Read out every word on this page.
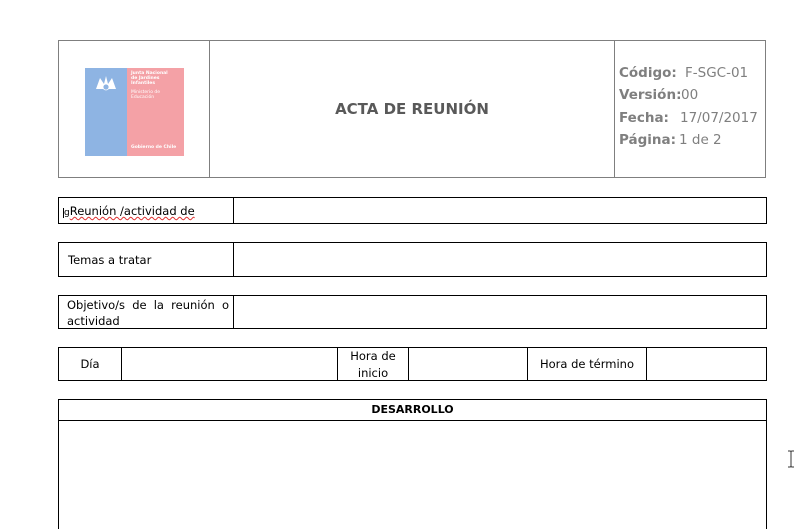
Junta Nacional
de Jardines
Infantiles
Ministerio de
Educación
Gobierno de Chile
ACTA DE REUNIÓN
Código: F-SGC-01
Versión:00
Fecha: 17/07/2017
Página: 1 de 2
gReunión /actividad de
Temas a tratar
Objetivo/s de la reunión o
actividad
Día
Hora de
inicio
Hora de término
DESARROLLO
